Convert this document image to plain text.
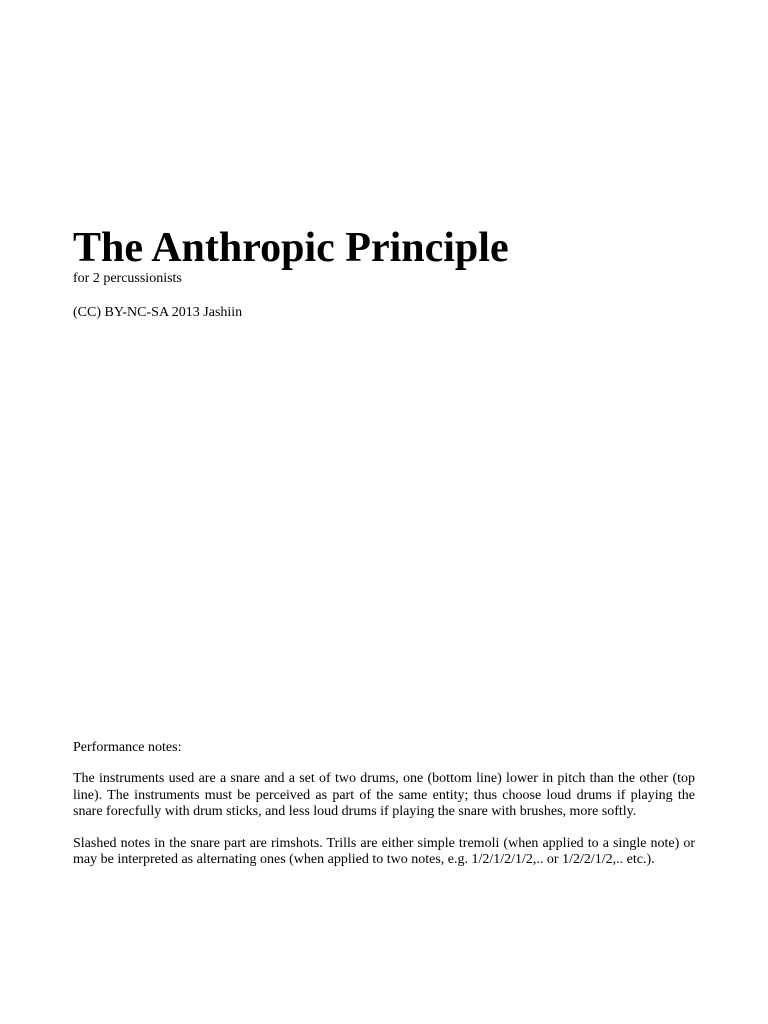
The Anthropic Principle

for 2 percussionists

(CC) BY-NC-SA 2013 Jashiin

Performance notes:

The instruments used are a snare and a set of two drums, one (bottom line) lower in pitch than the other (top line). The instruments must be perceived as part of the same entity; thus choose loud drums if playing the snare forecfully with drum sticks, and less loud drums if playing the snare with brushes, more softly.

Slashed notes in the snare part are rimshots. Trills are either simple tremoli (when applied to a single note) or may be interpreted as alternating ones (when applied to two notes, e.g. 1/2/1/2/1/2,.. or 1/2/2/1/2,.. etc.).
